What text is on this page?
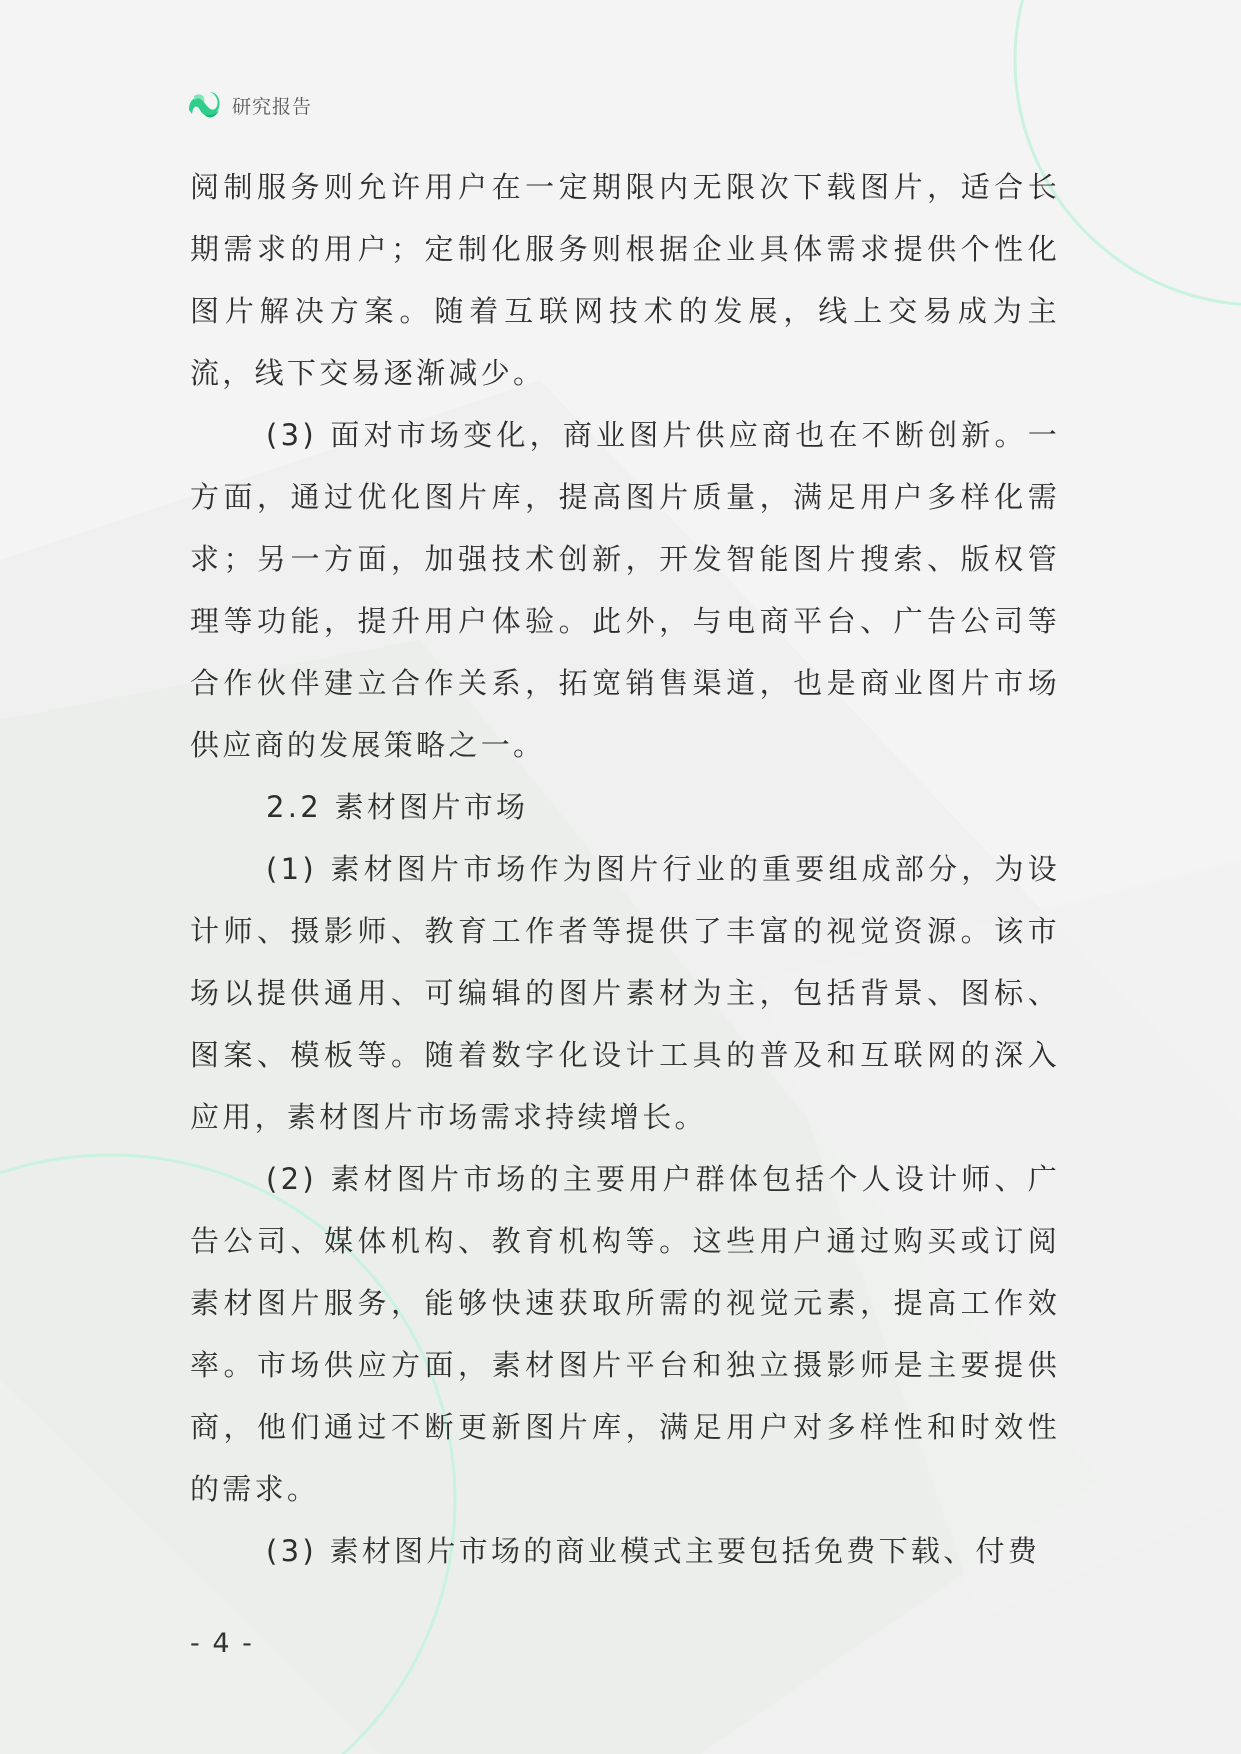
研究报告

阅制服务则允许用户在一定期限内无限次下载图片，适合长期需求的用户；定制化服务则根据企业具体需求提供个性化图片解决方案。随着互联网技术的发展，线上交易成为主流，线下交易逐渐减少。

(3) 面对市场变化，商业图片供应商也在不断创新。一方面，通过优化图片库，提高图片质量，满足用户多样化需求；另一方面，加强技术创新，开发智能图片搜索、版权管理等功能，提升用户体验。此外，与电商平台、广告公司等合作伙伴建立合作关系，拓宽销售渠道，也是商业图片市场供应商的发展策略之一。

2.2 素材图片市场

(1) 素材图片市场作为图片行业的重要组成部分，为设计师、摄影师、教育工作者等提供了丰富的视觉资源。该市场以提供通用、可编辑的图片素材为主，包括背景、图标、图案、模板等。随着数字化设计工具的普及和互联网的深入应用，素材图片市场需求持续增长。

(2) 素材图片市场的主要用户群体包括个人设计师、广告公司、媒体机构、教育机构等。这些用户通过购买或订阅素材图片服务，能够快速获取所需的视觉元素，提高工作效率。市场供应方面，素材图片平台和独立摄影师是主要提供商，他们通过不断更新图片库，满足用户对多样性和时效性的需求。

(3) 素材图片市场的商业模式主要包括免费下载、付费

- 4 -
